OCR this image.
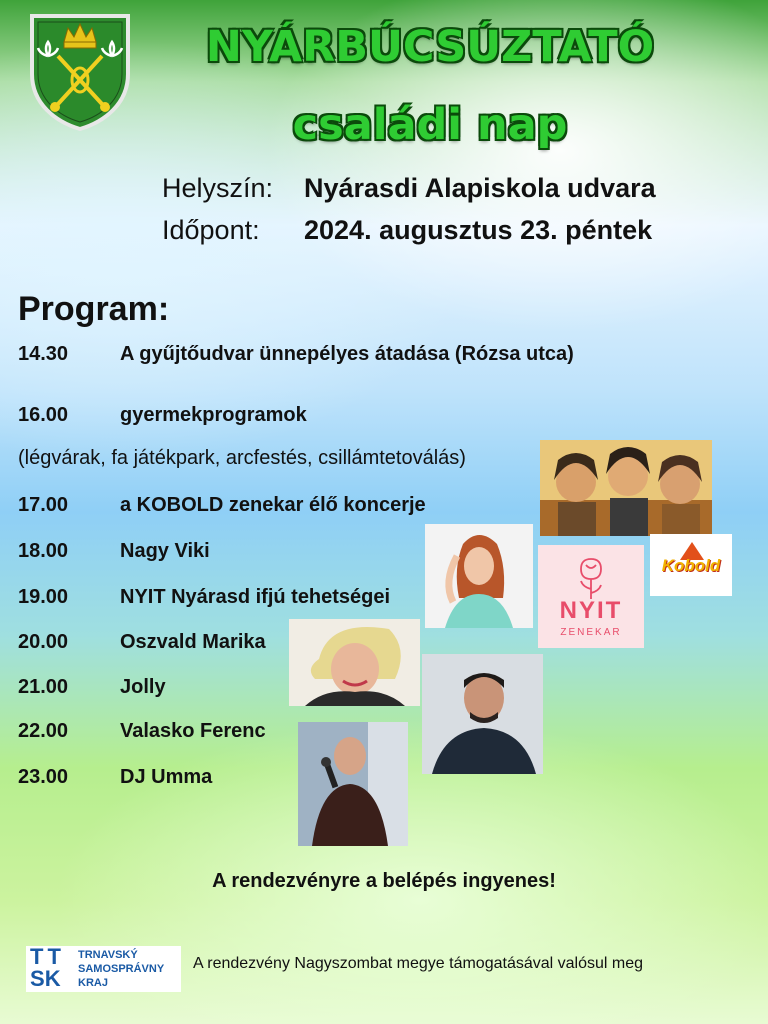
NYÁRBÚCSÚZTATÓ
családi nap
Helyszín: Nyárasdi Alapiskola udvara
Időpont: 2024. augusztus 23. péntek
Program:
14.30	A gyűjtőudvar ünnepélyes átadása (Rózsa utca)
16.00	gyermekprogramok
(légvárak, fa játékpark, arcfestés, csillámtetoválás)
17.00	a KOBOLD zenekar élő koncerje
18.00	Nagy Viki
19.00	NYIT Nyárasd ifjú tehetségei
20.00	Oszvald Marika
21.00	Jolly
22.00	Valasko Ferenc
23.00	DJ Umma
NYIT
ZENEKAR
Kobold
A rendezvényre a belépés ingyenes!
T T
SK
TRNAVSKÝ
SAMOSPRÁVNY
KRAJ
A rendezvény Nagyszombat megye támogatásával valósul meg
